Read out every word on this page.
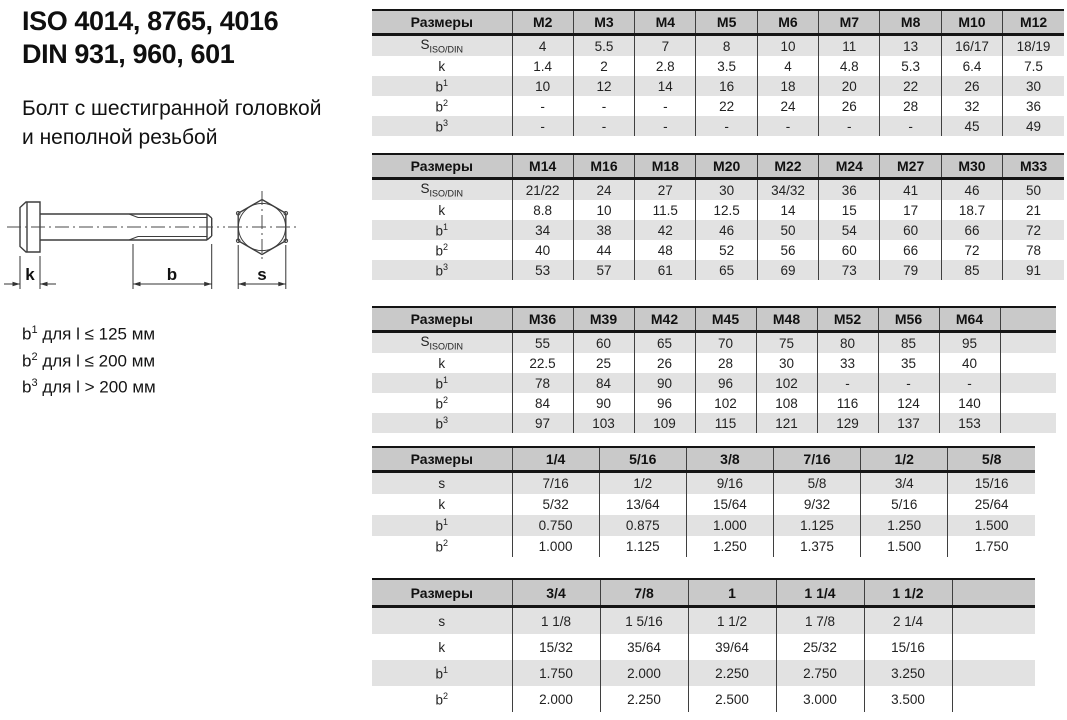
ISO 4014, 8765, 4016
DIN 931, 960, 601

Болт с шестигранной головкой
и неполной резьбой

k	b	s
$b^1$ для l ≤ 125 мм
$b^2$ для l ≤ 200 мм
$b^3$ для l > 200 мм
Размеры	M2	M3	M4	M5	M6	M7	M8	M10	M12
$S_{ISO/DIN}$	4	5.5	7	8	10	11	13	16/17	18/19
k	1.4	2	2.8	3.5	4	4.8	5.3	6.4	7.5
$b^1$	10	12	14	16	18	20	22	26	30
$b^2$	-	-	-	22	24	26	28	32	36
$b^3$	-	-	-	-	-	-	-	45	49
Размеры	M14	M16	M18	M20	M22	M24	M27	M30	M33
$S_{ISO/DIN}$	21/22	24	27	30	34/32	36	41	46	50
k	8.8	10	11.5	12.5	14	15	17	18.7	21
$b^1$	34	38	42	46	50	54	60	66	72
$b^2$	40	44	48	52	56	60	66	72	78
$b^3$	53	57	61	65	69	73	79	85	91
Размеры	M36	M39	M42	M45	M48	M52	M56	M64	
$S_{ISO/DIN}$	55	60	65	70	75	80	85	95	
k	22.5	25	26	28	30	33	35	40	
$b^1$	78	84	90	96	102	-	-	-	
$b^2$	84	90	96	102	108	116	124	140	
$b^3$	97	103	109	115	121	129	137	153	
Размеры	1/4	5/16	3/8	7/16	1/2	5/8
s	7/16	1/2	9/16	5/8	3/4	15/16
k	5/32	13/64	15/64	9/32	5/16	25/64
$b^1$	0.750	0.875	1.000	1.125	1.250	1.500
$b^2$	1.000	1.125	1.250	1.375	1.500	1.750
Размеры	3/4	7/8	1	1 1/4	1 1/2	
s	1 1/8	1 5/16	1 1/2	1 7/8	2 1/4	
k	15/32	35/64	39/64	25/32	15/16	
$b^1$	1.750	2.000	2.250	2.750	3.250	
$b^2$	2.000	2.250	2.500	3.000	3.500	
